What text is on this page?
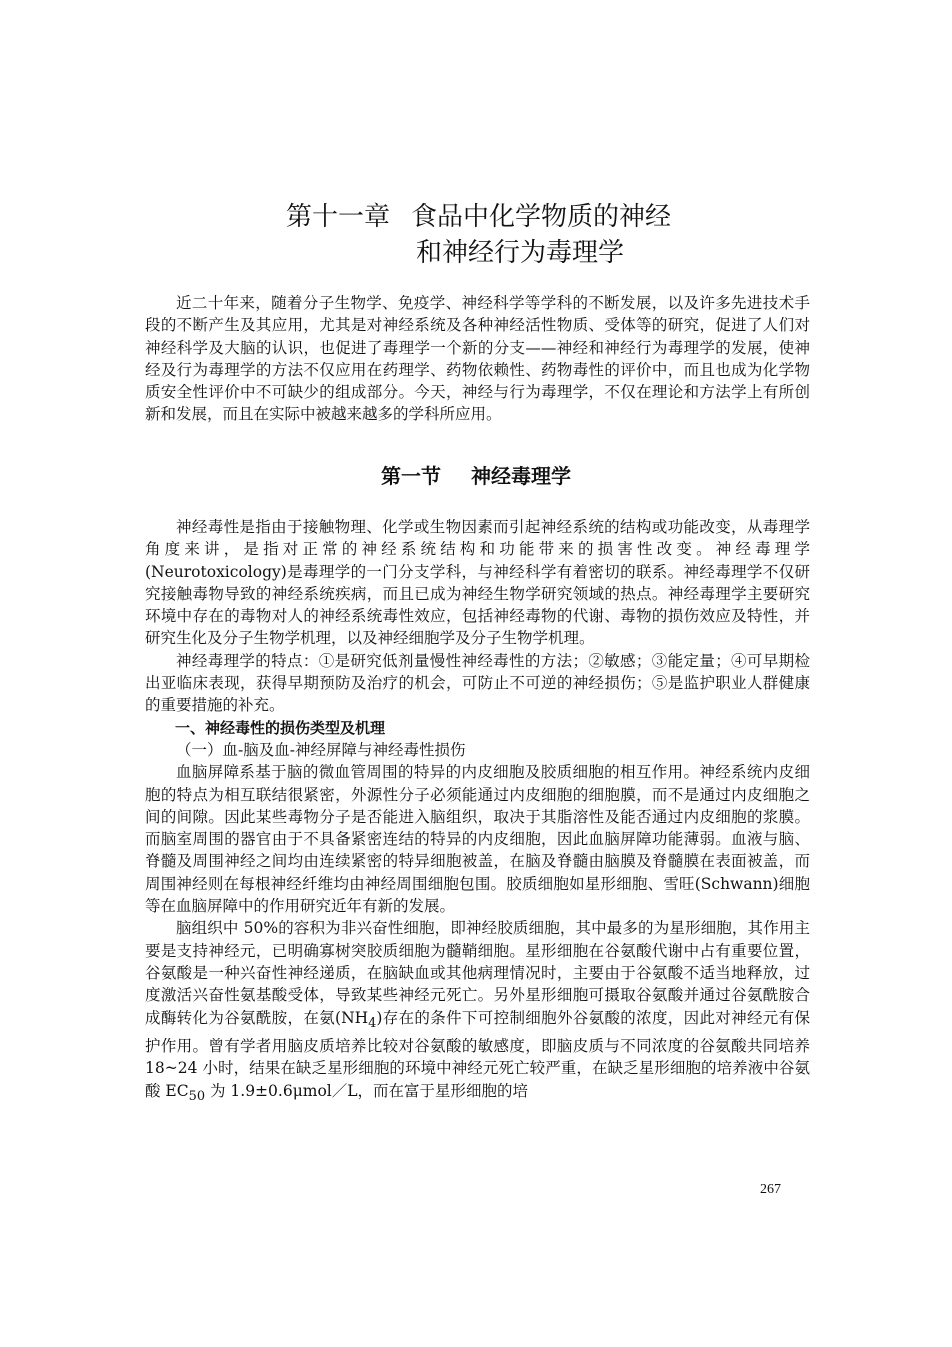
第十一章 食品中化学物质的神经
和神经行为毒理学

近二十年来，随着分子生物学、免疫学、神经科学等学科的不断发展，以及许多先进技术手段的不断产生及其应用，尤其是对神经系统及各种神经活性物质、受体等的研究，促进了人们对神经科学及大脑的认识，也促进了毒理学一个新的分支——神经和神经行为毒理学的发展，使神经及行为毒理学的方法不仅应用在药理学、药物依赖性、药物毒性的评价中，而且也成为化学物质安全性评价中不可缺少的组成部分。今天，神经与行为毒理学，不仅在理论和方法学上有所创新和发展，而且在实际中被越来越多的学科所应用。

第一节 神经毒理学

神经毒性是指由于接触物理、化学或生物因素而引起神经系统的结构或功能改变，从毒理学角度来讲，是指对正常的神经系统结构和功能带来的损害性改变。神经毒理学(Neurotoxicology)是毒理学的一门分支学科，与神经科学有着密切的联系。神经毒理学不仅研究接触毒物导致的神经系统疾病，而且已成为神经生物学研究领域的热点。神经毒理学主要研究环境中存在的毒物对人的神经系统毒性效应，包括神经毒物的代谢、毒物的损伤效应及特性，并研究生化及分子生物学机理，以及神经细胞学及分子生物学机理。

神经毒理学的特点：①是研究低剂量慢性神经毒性的方法；②敏感；③能定量；④可早期检出亚临床表现，获得早期预防及治疗的机会，可防止不可逆的神经损伤；⑤是监护职业人群健康的重要措施的补充。

一、神经毒性的损伤类型及机理

（一）血-脑及血-神经屏障与神经毒性损伤

血脑屏障系基于脑的微血管周围的特异的内皮细胞及胶质细胞的相互作用。神经系统内皮细胞的特点为相互联结很紧密，外源性分子必须能通过内皮细胞的细胞膜，而不是通过内皮细胞之间的间隙。因此某些毒物分子是否能进入脑组织，取决于其脂溶性及能否通过内皮细胞的浆膜。而脑室周围的器官由于不具备紧密连结的特异的内皮细胞，因此血脑屏障功能薄弱。血液与脑、脊髓及周围神经之间均由连续紧密的特异细胞被盖，在脑及脊髓由脑膜及脊髓膜在表面被盖，而周围神经则在每根神经纤维均由神经周围细胞包围。胶质细胞如星形细胞、雪旺(Schwann)细胞等在血脑屏障中的作用研究近年有新的发展。

脑组织中 50%的容积为非兴奋性细胞，即神经胶质细胞，其中最多的为星形细胞，其作用主要是支持神经元，已明确寡树突胶质细胞为髓鞘细胞。星形细胞在谷氨酸代谢中占有重要位置，谷氨酸是一种兴奋性神经递质，在脑缺血或其他病理情况时，主要由于谷氨酸不适当地释放，过度激活兴奋性氨基酸受体，导致某些神经元死亡。另外星形细胞可摄取谷氨酸并通过谷氨酰胺合成酶转化为谷氨酰胺，在氨$(NH_4)$存在的条件下可控制细胞外谷氨酸的浓度，因此对神经元有保护作用。曾有学者用脑皮质培养比较对谷氨酸的敏感度，即脑皮质与不同浓度的谷氨酸共同培养 18~24 小时，结果在缺乏星形细胞的环境中神经元死亡较严重，在缺乏星形细胞的培养液中谷氨酸 $EC_{50}$ 为 1.9±0.6μmol／L，而在富于星形细胞的培

267
